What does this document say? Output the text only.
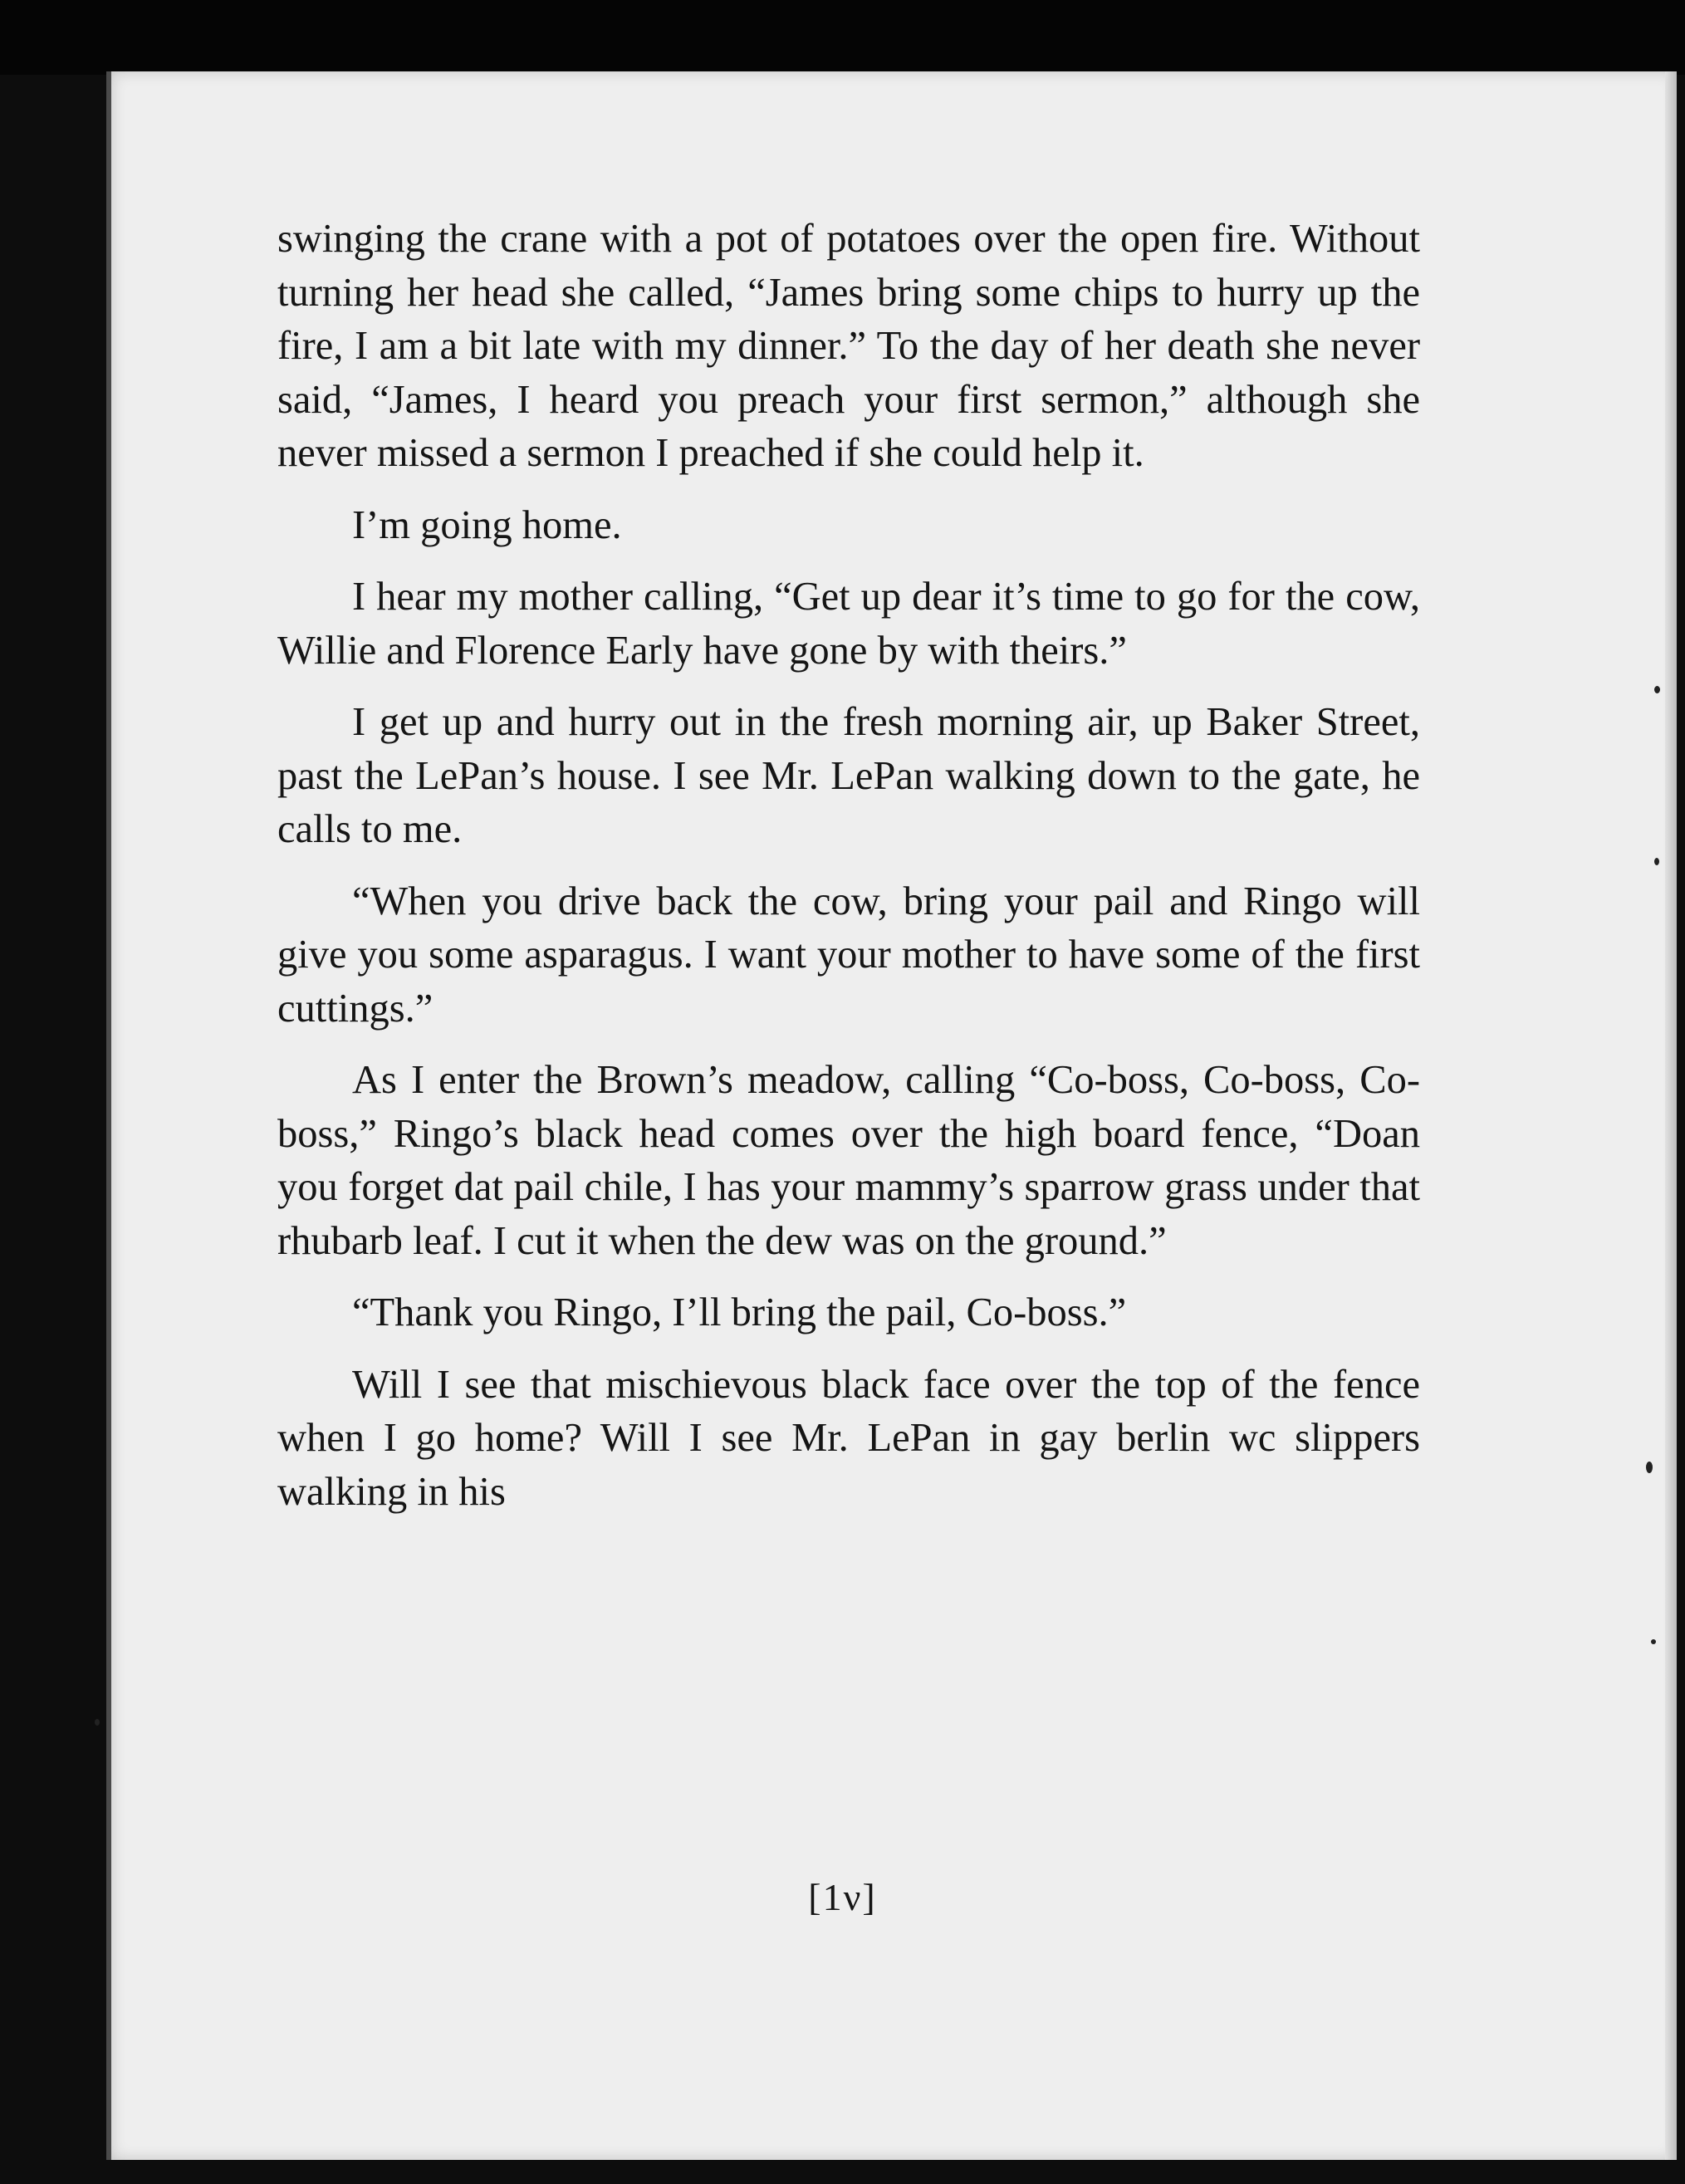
swinging the crane with a pot of potatoes over the open fire. Without turning her head she called, “James bring some chips to hurry up the fire, I am a bit late with my dinner.” To the day of her death she never said, “James, I heard you preach your first sermon,” although she never missed a sermon I preached if she could help it.

I’m going home.

I hear my mother calling, “Get up dear it’s time to go for the cow, Willie and Florence Early have gone by with theirs.”

I get up and hurry out in the fresh morning air, up Baker Street, past the LePan’s house. I see Mr. LePan walking down to the gate, he calls to me.

“When you drive back the cow, bring your pail and Ringo will give you some asparagus. I want your mother to have some of the first cuttings.”

As I enter the Brown’s meadow, calling “Co-boss, Co-boss, Co-boss,” Ringo’s black head comes over the high board fence, “Doan you forget dat pail chile, I has your mammy’s sparrow grass under that rhubarb leaf. I cut it when the dew was on the ground.”

“Thank you Ringo, I’ll bring the pail, Co-boss.”

Will I see that mischievous black face over the top of the fence when I go home? Will I see Mr. LePan in gay berlin wc slippers walking in his

[1ν]
